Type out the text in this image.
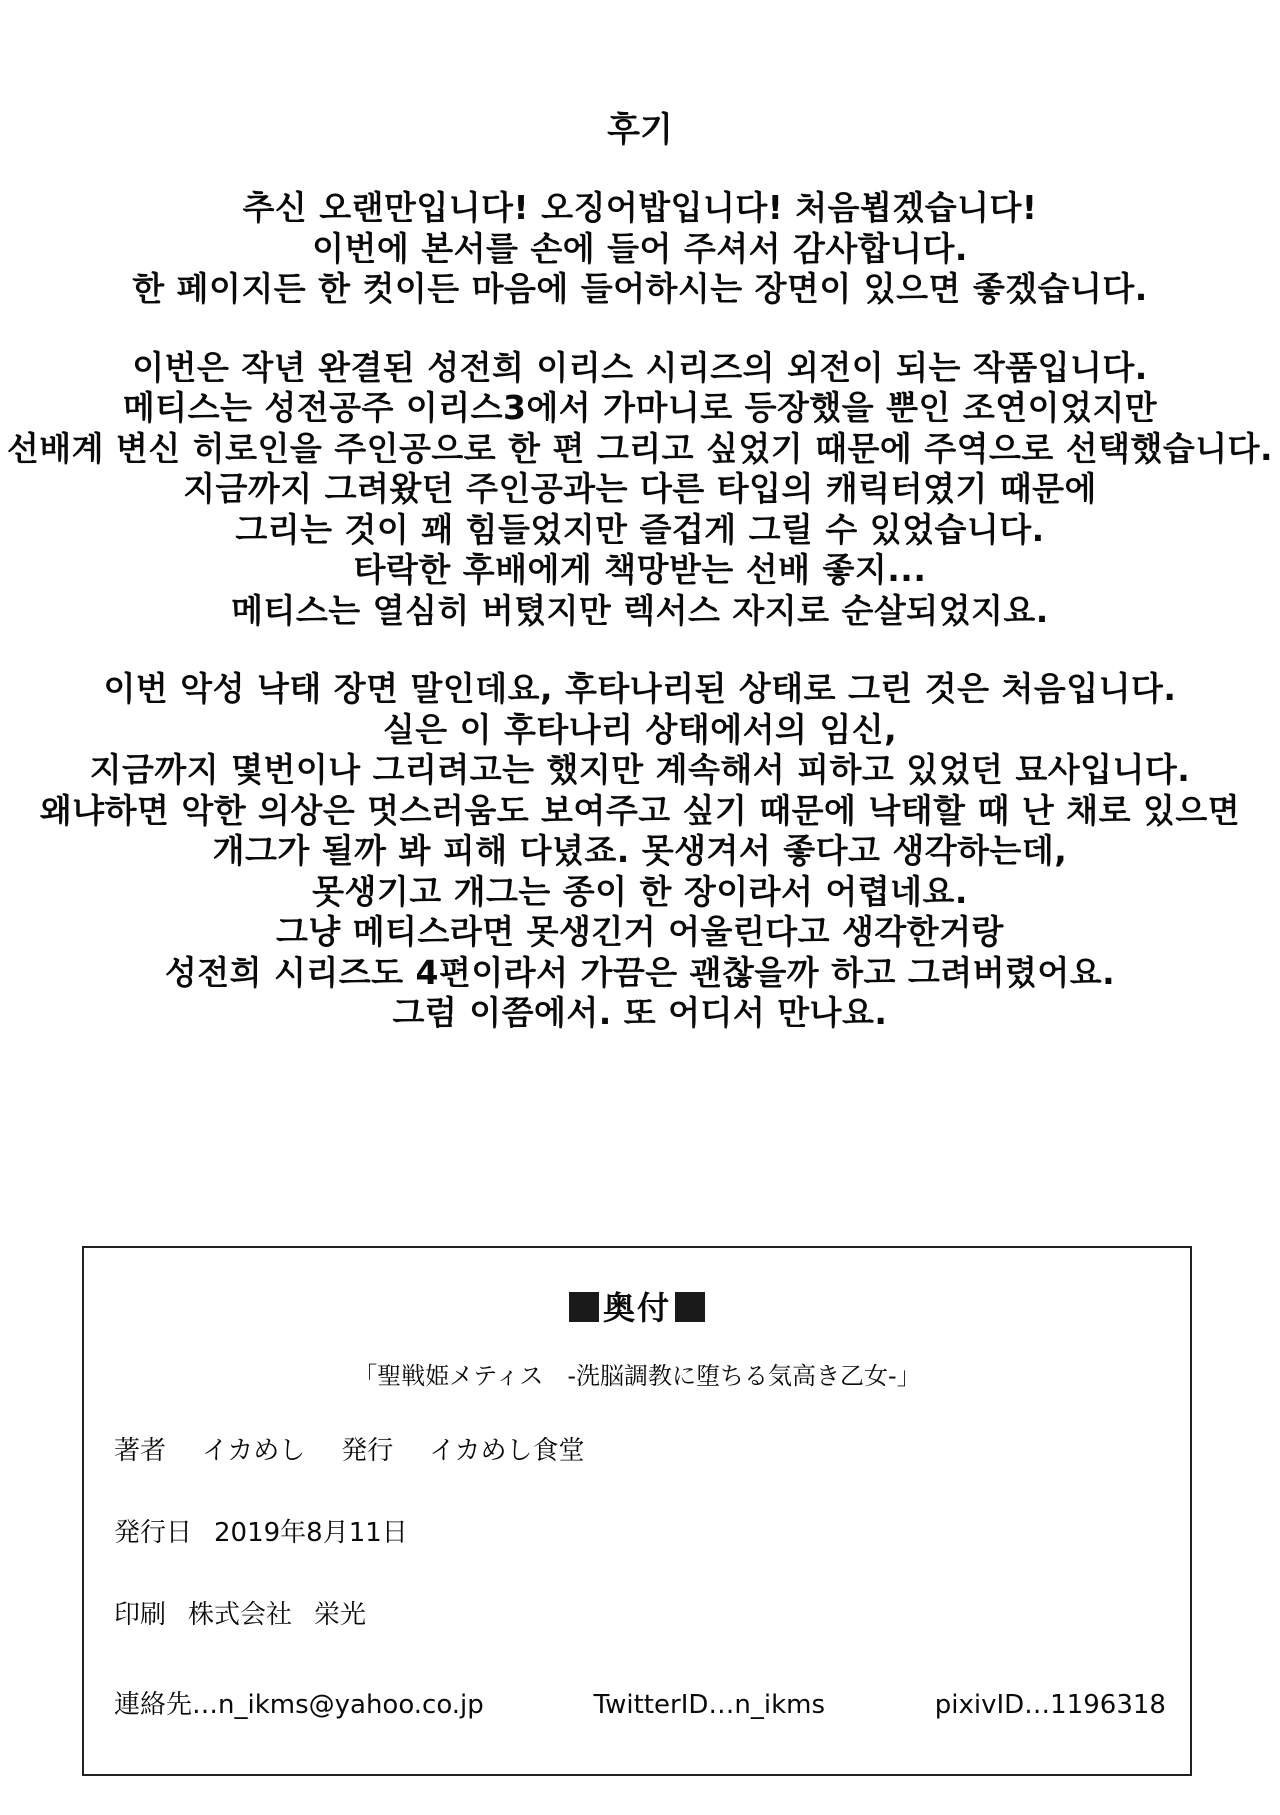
후기
추신 오랜만입니다! 오징어밥입니다! 처음뵙겠습니다!
이번에 본서를 손에 들어 주셔서 감사합니다.
한 페이지든 한 컷이든 마음에 들어하시는 장면이 있으면 좋겠습니다.
이번은 작년 완결된 성전희 이리스 시리즈의 외전이 되는 작품입니다.
메티스는 성전공주 이리스3에서 가마니로 등장했을 뿐인 조연이었지만
선배계 변신 히로인을 주인공으로 한 편 그리고 싶었기 때문에 주역으로 선택했습니다.
지금까지 그려왔던 주인공과는 다른 타입의 캐릭터였기 때문에
그리는 것이 꽤 힘들었지만 즐겁게 그릴 수 있었습니다.
타락한 후배에게 책망받는 선배 좋지...
메티스는 열심히 버텼지만 렉서스 자지로 순살되었지요.
이번 악성 낙태 장면 말인데요, 후타나리된 상태로 그린 것은 처음입니다.
실은 이 후타나리 상태에서의 임신,
지금까지 몇번이나 그리려고는 했지만 계속해서 피하고 있었던 묘사입니다.
왜냐하면 악한 의상은 멋스러움도 보여주고 싶기 때문에 낙태할 때 난 채로 있으면
개그가 될까 봐 피해 다녔죠. 못생겨서 좋다고 생각하는데,
못생기고 개그는 종이 한 장이라서 어렵네요.
그냥 메티스라면 못생긴거 어울린다고 생각한거랑
성전희 시리즈도 4편이라서 가끔은 괜찮을까 하고 그려버렸어요.
그럼 이쯤에서. 또 어디서 만나요.
奥付
「聖戦姫メティス　-洗脳調教に堕ちる気高き乙女-」
著者 イカめし 発行 イカめし食堂
発行日 2019年8月11日
印刷 株式会社 栄光
連絡先…n_ikms@yahoo.co.jp	TwitterID…n_ikms	pixivID…1196318
